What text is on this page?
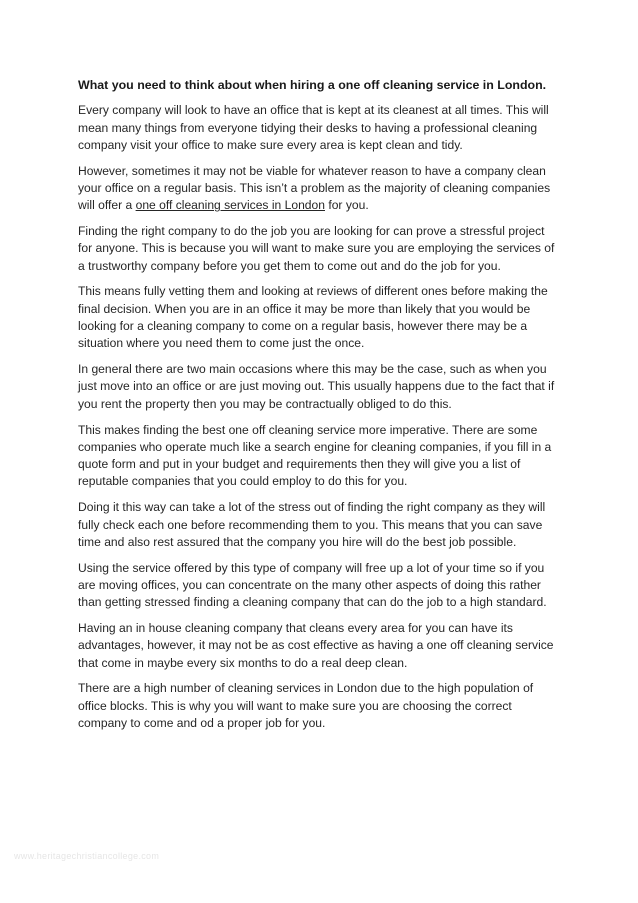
What you need to think about when hiring a one off cleaning service in London.

Every company will look to have an office that is kept at its cleanest at all times. This will mean many things from everyone tidying their desks to having a professional cleaning company visit your office to make sure every area is kept clean and tidy.

However, sometimes it may not be viable for whatever reason to have a company clean your office on a regular basis. This isn’t a problem as the majority of cleaning companies will offer a one off cleaning services in London for you.

Finding the right company to do the job you are looking for can prove a stressful project for anyone. This is because you will want to make sure you are employing the services of a trustworthy company before you get them to come out and do the job for you.

This means fully vetting them and looking at reviews of different ones before making the final decision. When you are in an office it may be more than likely that you would be looking for a cleaning company to come on a regular basis, however there may be a situation where you need them to come just the once.

In general there are two main occasions where this may be the case, such as when you just move into an office or are just moving out. This usually happens due to the fact that if you rent the property then you may be contractually obliged to do this.

This makes finding the best one off cleaning service more imperative. There are some companies who operate much like a search engine for cleaning companies, if you fill in a quote form and put in your budget and requirements then they will give you a list of reputable companies that you could employ to do this for you.

Doing it this way can take a lot of the stress out of finding the right company as they will fully check each one before recommending them to you. This means that you can save time and also rest assured that the company you hire will do the best job possible.

Using the service offered by this type of company will free up a lot of your time so if you are moving offices, you can concentrate on the many other aspects of doing this rather than getting stressed finding a cleaning company that can do the job to a high standard.

Having an in house cleaning company that cleans every area for you can have its advantages, however, it may not be as cost effective as having a one off cleaning service that come in maybe every six months to do a real deep clean.

There are a high number of cleaning services in London due to the high population of office blocks. This is why you will want to make sure you are choosing the correct company to come and od a proper job for you.

www.heritagechristiancollege.com
